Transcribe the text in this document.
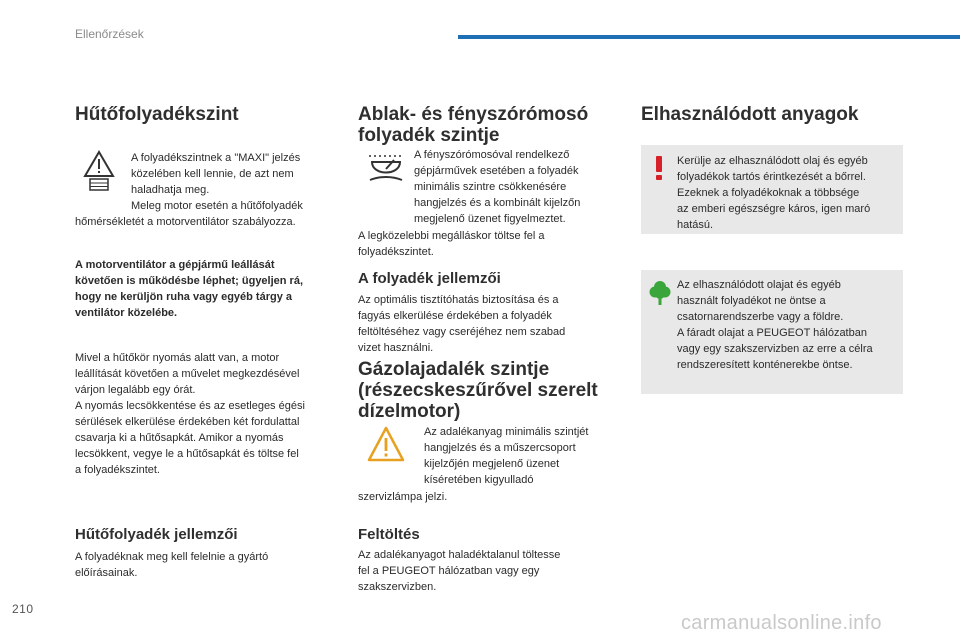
Ellenőrzések
Hűtőfolyadékszint

A folyadékszintnek a "MAXI" jelzés

közelében kell lennie, de azt nem

haladhatja meg.

Meleg motor esetén a hűtőfolyadék

hőmérsékletét a motorventilátor szabályozza.

A motorventilátor a gépjármű leállását
követően is működésbe léphet; ügyeljen rá,
hogy ne kerüljön ruha vagy egyéb tárgy a
ventilátor közelébe.

Mivel a hűtőkör nyomás alatt van, a motor

leállítását követően a művelet megkezdésével

várjon legalább egy órát.

A nyomás lecsökkentése és az esetleges égési

sérülések elkerülése érdekében két fordulattal

csavarja ki a hűtősapkát. Amikor a nyomás

lecsökkent, vegye le a hűtősapkát és töltse fel

a folyadékszintet.

Hűtőfolyadék jellemzői

A folyadéknak meg kell felelnie a gyártó

előírásainak.

Ablak- és fényszórómosó
folyadék szintje

A fényszórómosóval rendelkező

gépjárművek esetében a folyadék

minimális szintre csökkenésére

hangjelzés és a kombinált kijelzőn

megjelenő üzenet figyelmeztet.

A legközelebbi megálláskor töltse fel a

folyadékszintet.

A folyadék jellemzői

Az optimális tisztítóhatás biztosítása és a

fagyás elkerülése érdekében a folyadék

feltöltéséhez vagy cseréjéhez nem szabad

vizet használni.

Gázolajadalék szintje
(részecskeszűrővel szerelt
dízelmotor)

Az adalékanyag minimális szintjét

hangjelzés és a műszercsoport

kijelzőjén megjelenő üzenet

kíséretében kigyulladó

szervizlámpa jelzi.

Feltöltés

Az adalékanyagot haladéktalanul töltesse

fel a PEUGEOT hálózatban vagy egy

szakszervizben.

Elhasználódott anyagok

Kerülje az elhasználódott olaj és egyéb

folyadékok tartós érintkezését a bőrrel.

Ezeknek a folyadékoknak a többsége

az emberi egészségre káros, igen maró

hatású.

Az elhasználódott olajat és egyéb

használt folyadékot ne öntse a

csatornarendszerbe vagy a földre.

A fáradt olajat a PEUGEOT hálózatban

vagy egy szakszervizben az erre a célra

rendszeresített konténerekbe öntse.

210
carmanualsonline.info
